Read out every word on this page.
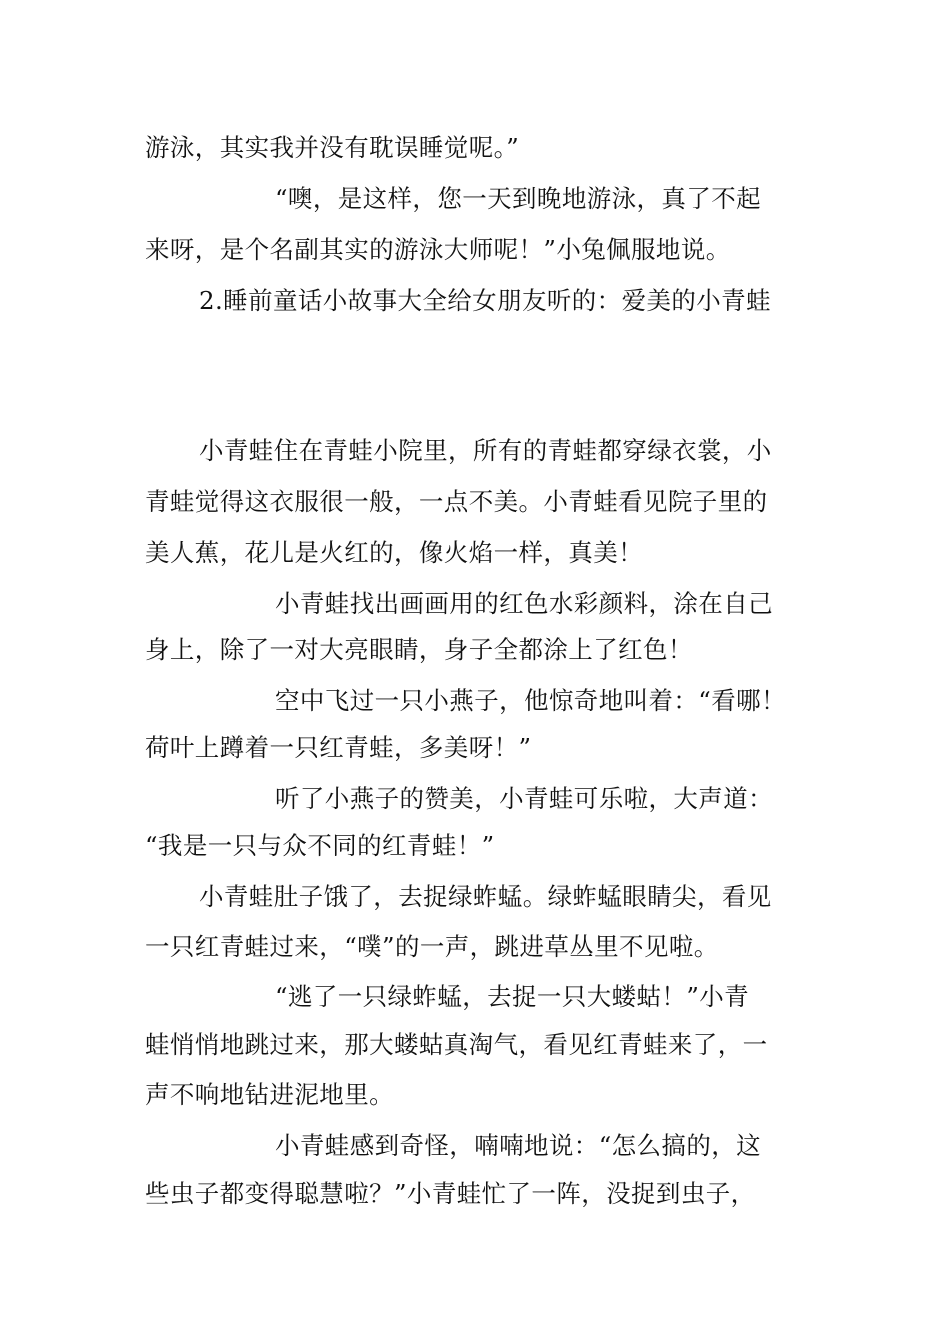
游泳，其实我并没有耽误睡觉呢。”
“噢，是这样，您一天到晚地游泳，真了不起
来呀，是个名副其实的游泳大师呢！”小兔佩服地说。
2.睡前童话小故事大全给女朋友听的：爱美的小青蛙
小青蛙住在青蛙小院里，所有的青蛙都穿绿衣裳，小
青蛙觉得这衣服很一般，一点不美。小青蛙看见院子里的
美人蕉，花儿是火红的，像火焰一样，真美！
小青蛙找出画画用的红色水彩颜料，涂在自己
身上，除了一对大亮眼睛，身子全都涂上了红色！
空中飞过一只小燕子，他惊奇地叫着：“看哪！
荷叶上蹲着一只红青蛙，多美呀！”
听了小燕子的赞美，小青蛙可乐啦，大声道：
“我是一只与众不同的红青蛙！”
小青蛙肚子饿了，去捉绿蚱蜢。绿蚱蜢眼睛尖，看见
一只红青蛙过来，“噗”的一声，跳进草丛里不见啦。
“逃了一只绿蚱蜢，去捉一只大蝼蛄！”小青
蛙悄悄地跳过来，那大蝼蛄真淘气，看见红青蛙来了，一
声不响地钻进泥地里。
小青蛙感到奇怪，喃喃地说：“怎么搞的，这
些虫子都变得聪慧啦？”小青蛙忙了一阵，没捉到虫子，
